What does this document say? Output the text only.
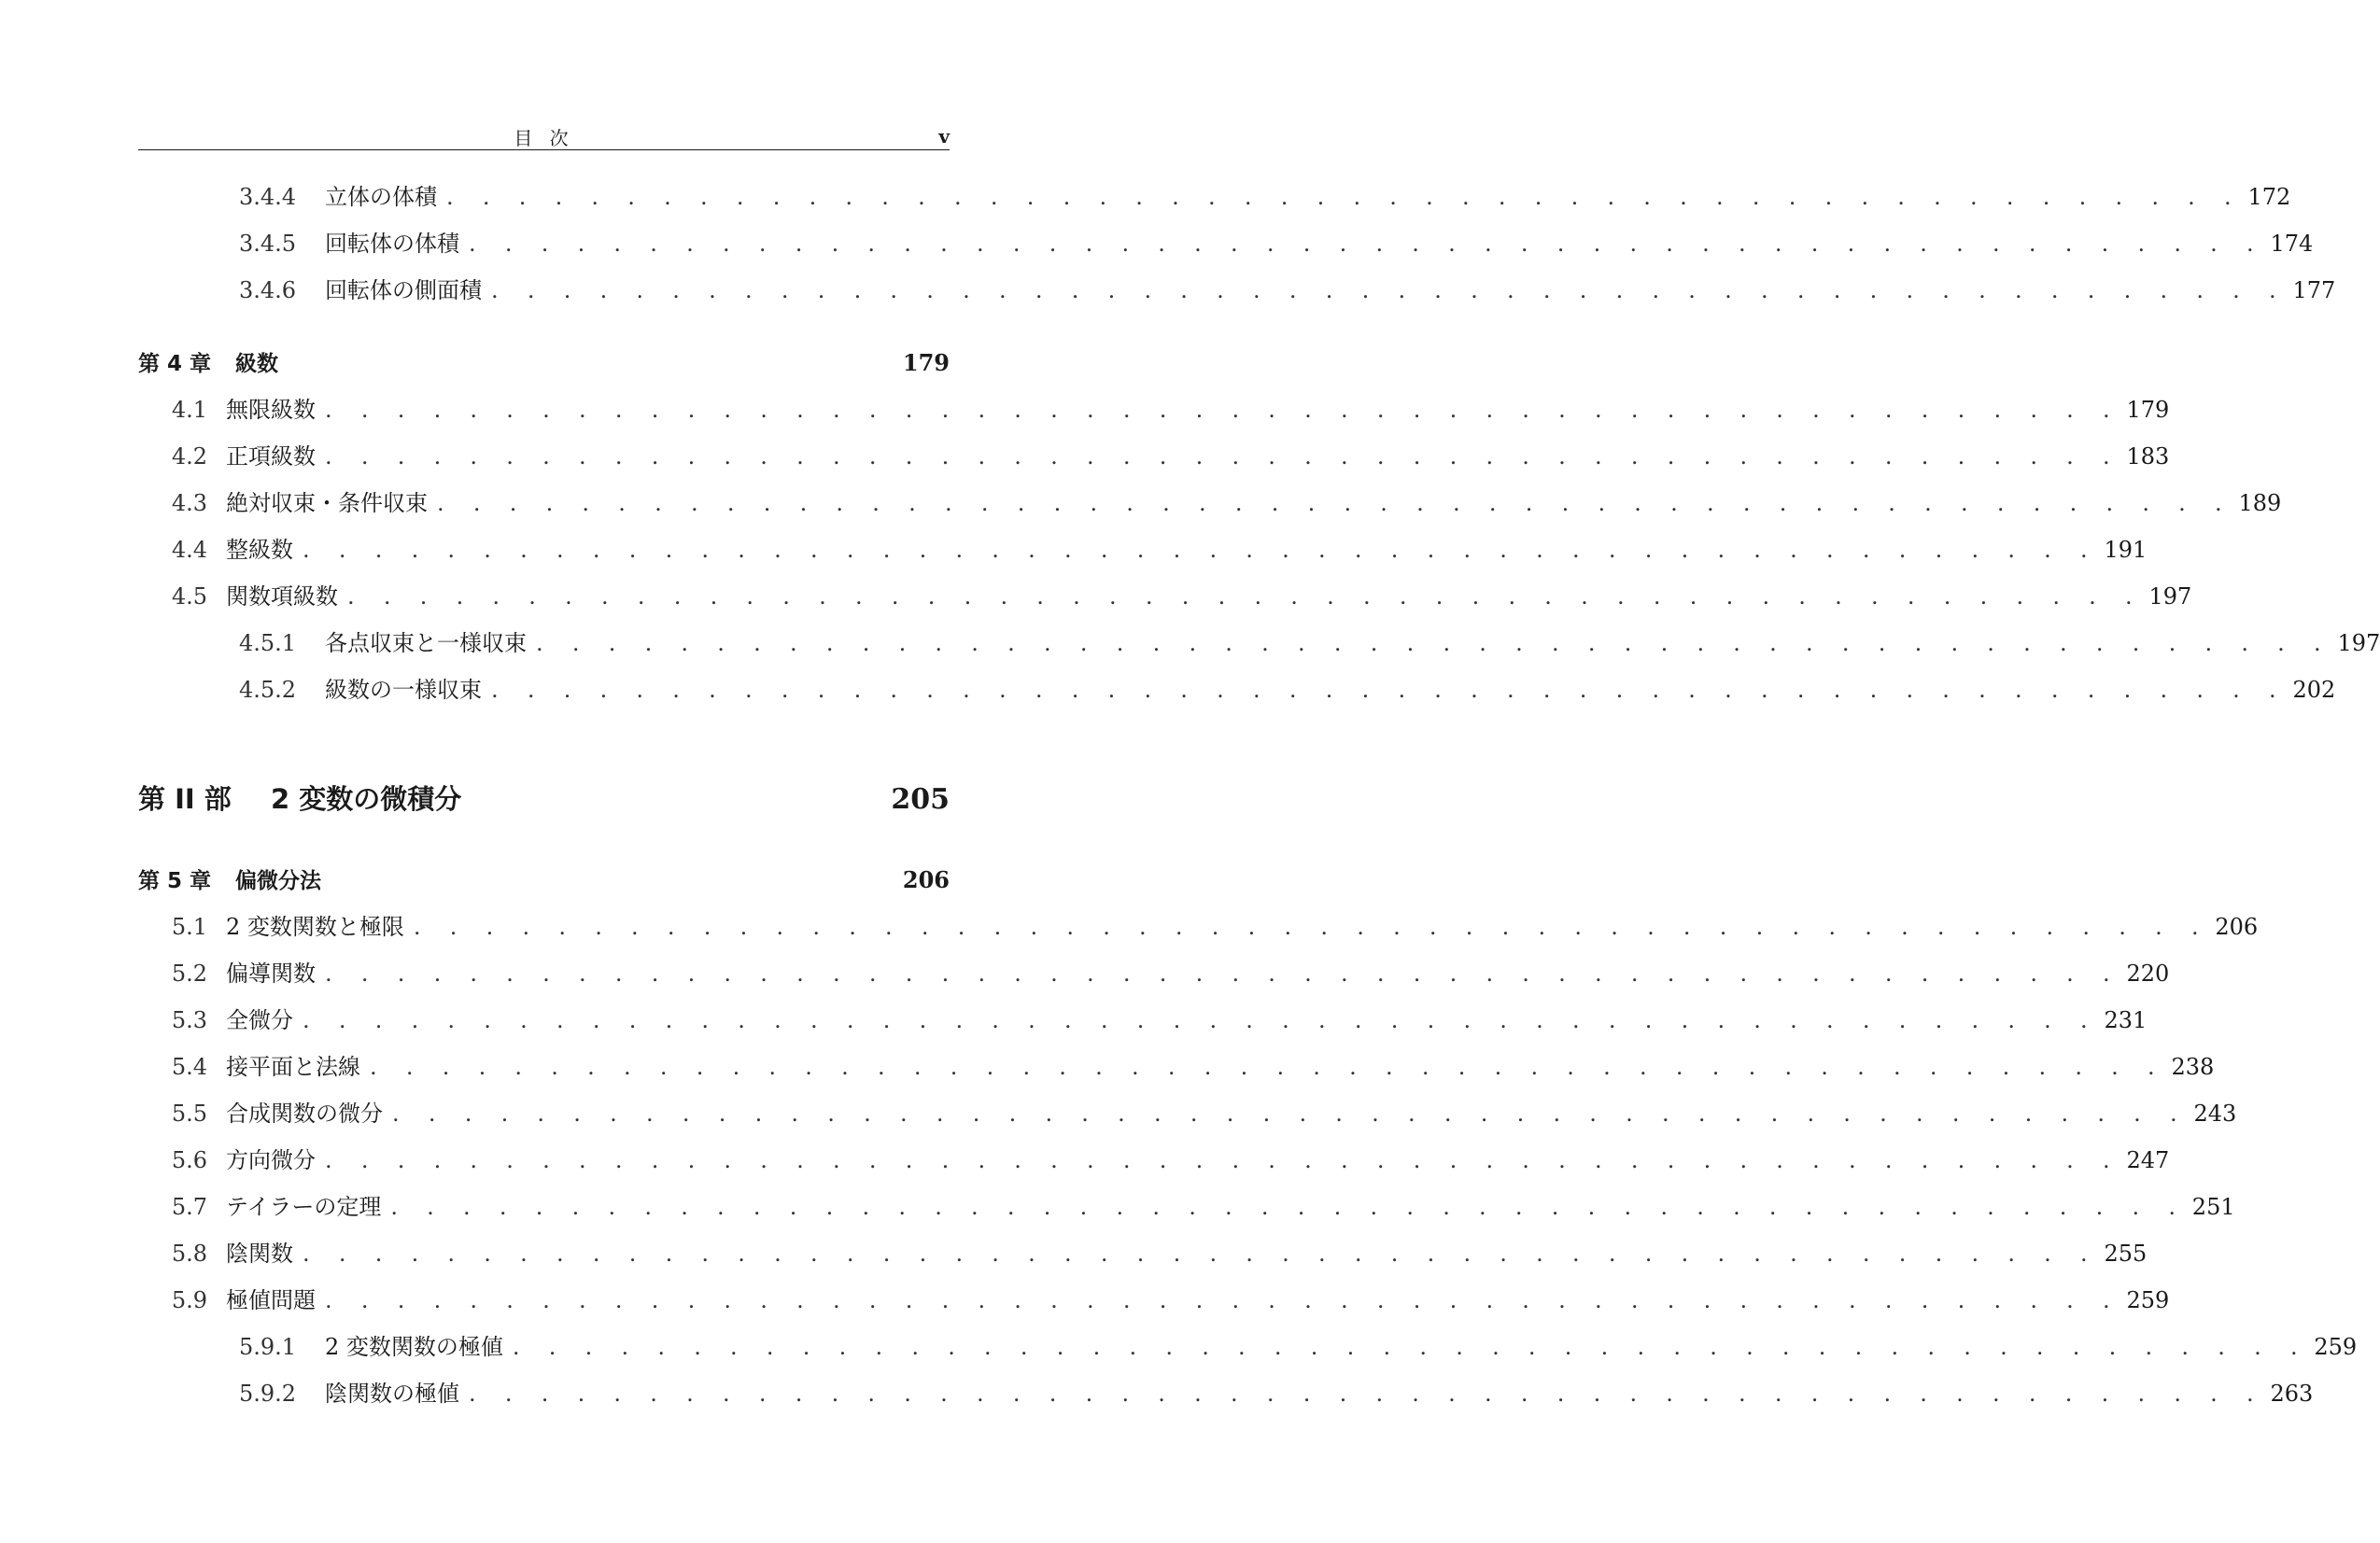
目 次	v
3.4.4	立体の体積 . . . . . . . . . . . . . . . . . . . . . . . . . . . . . . . . . . . . . . . . . . . . . . . . . . 172
3.4.5	回転体の体積 . . . . . . . . . . . . . . . . . . . . . . . . . . . . . . . . . . . . . . . . . . . . . . . . . . 174
3.4.6	回転体の側面積 . . . . . . . . . . . . . . . . . . . . . . . . . . . . . . . . . . . . . . . . . . . . . . . . . . 177
第 4 章	級数	179
4.1 無限級数 . . . . . . . . . . . . . . . . . . . . . . . . . . . . . . . . . . . . . . . . . . . . . . . . . . 179
4.2 正項級数 . . . . . . . . . . . . . . . . . . . . . . . . . . . . . . . . . . . . . . . . . . . . . . . . . . 183
4.3 絶対収束・条件収束 . . . . . . . . . . . . . . . . . . . . . . . . . . . . . . . . . . . . . . . . . . . . . . . . . . 189
4.4 整級数 . . . . . . . . . . . . . . . . . . . . . . . . . . . . . . . . . . . . . . . . . . . . . . . . . . 191
4.5 関数項級数 . . . . . . . . . . . . . . . . . . . . . . . . . . . . . . . . . . . . . . . . . . . . . . . . . . 197
4.5.1	各点収束と一様収束 . . . . . . . . . . . . . . . . . . . . . . . . . . . . . . . . . . . . . . . . . . . . . . . . . . 197
4.5.2	級数の一様収束 . . . . . . . . . . . . . . . . . . . . . . . . . . . . . . . . . . . . . . . . . . . . . . . . . . 202
第 II 部	2 変数の微積分	205
第 5 章	偏微分法	206
5.1 2 変数関数と極限 . . . . . . . . . . . . . . . . . . . . . . . . . . . . . . . . . . . . . . . . . . . . . . . . . . 206
5.2 偏導関数 . . . . . . . . . . . . . . . . . . . . . . . . . . . . . . . . . . . . . . . . . . . . . . . . . . 220
5.3 全微分 . . . . . . . . . . . . . . . . . . . . . . . . . . . . . . . . . . . . . . . . . . . . . . . . . . 231
5.4 接平面と法線 . . . . . . . . . . . . . . . . . . . . . . . . . . . . . . . . . . . . . . . . . . . . . . . . . . 238
5.5 合成関数の微分 . . . . . . . . . . . . . . . . . . . . . . . . . . . . . . . . . . . . . . . . . . . . . . . . . . 243
5.6 方向微分 . . . . . . . . . . . . . . . . . . . . . . . . . . . . . . . . . . . . . . . . . . . . . . . . . . 247
5.7 テイラーの定理 . . . . . . . . . . . . . . . . . . . . . . . . . . . . . . . . . . . . . . . . . . . . . . . . . . 251
5.8 陰関数 . . . . . . . . . . . . . . . . . . . . . . . . . . . . . . . . . . . . . . . . . . . . . . . . . . 255
5.9 極値問題 . . . . . . . . . . . . . . . . . . . . . . . . . . . . . . . . . . . . . . . . . . . . . . . . . . 259
5.9.1	2 変数関数の極値 . . . . . . . . . . . . . . . . . . . . . . . . . . . . . . . . . . . . . . . . . . . . . . . . . . 259
5.9.2	陰関数の極値 . . . . . . . . . . . . . . . . . . . . . . . . . . . . . . . . . . . . . . . . . . . . . . . . . . 263
